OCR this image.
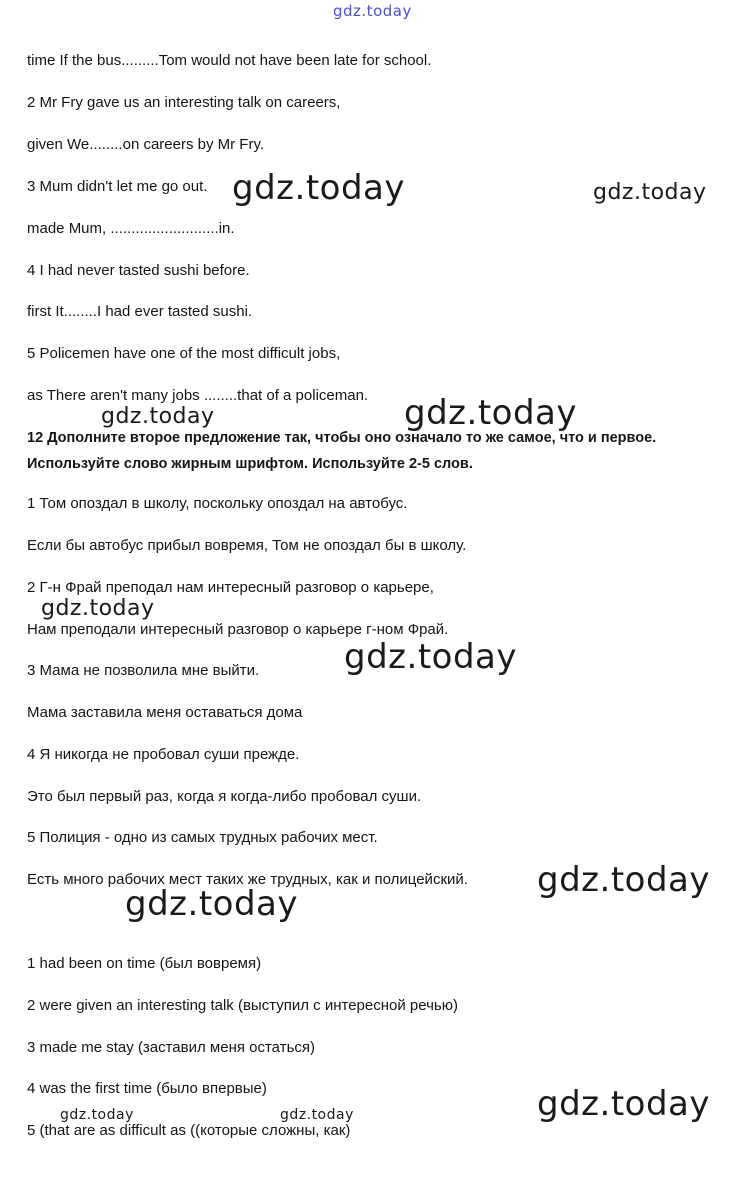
gdz.today

time If the bus.........Tom would not have been late for school.

2 Mr Fry gave us an interesting talk on careers,

given We........on careers by Mr Fry.

3 Mum didn't let me go out.

made Mum, ..........................in.

4 I had never tasted sushi before.

first It........I had ever tasted sushi.

5 Policemen have one of the most difficult jobs,

as There aren't many jobs ........that of a policeman.

12 Дополните второе предложение так, чтобы оно означало то же самое, что и первое.

Используйте слово жирным шрифтом. Используйте 2-5 слов.

1 Том опоздал в школу, поскольку опоздал на автобус.

Если бы автобус прибыл вовремя, Том не опоздал бы в школу.

2 Г-н Фрай преподал нам интересный разговор о карьере,

Нам преподали интересный разговор о карьере г-ном Фрай.

3 Мама не позволила мне выйти.

Мама заставила меня оставаться дома

4 Я никогда не пробовал суши прежде.

Это был первый раз, когда я когда-либо пробовал суши.

5 Полиция - одно из самых трудных рабочих мест.

Есть много рабочих мест таких же трудных, как и полицейский.

1 had been on time (был вовремя)

2 were given an interesting talk (выступил с интересной речью)

3 made me stay (заставил меня остаться)

4 was the first time (было впервые)

5 (that are as difficult as ((которые сложны, как)

gdz.today	gdz.today
gdz.today	gdz.today
gdz.today
gdz.today
gdz.today
gdz.today
gdz.today
gdz.today	gdz.today
